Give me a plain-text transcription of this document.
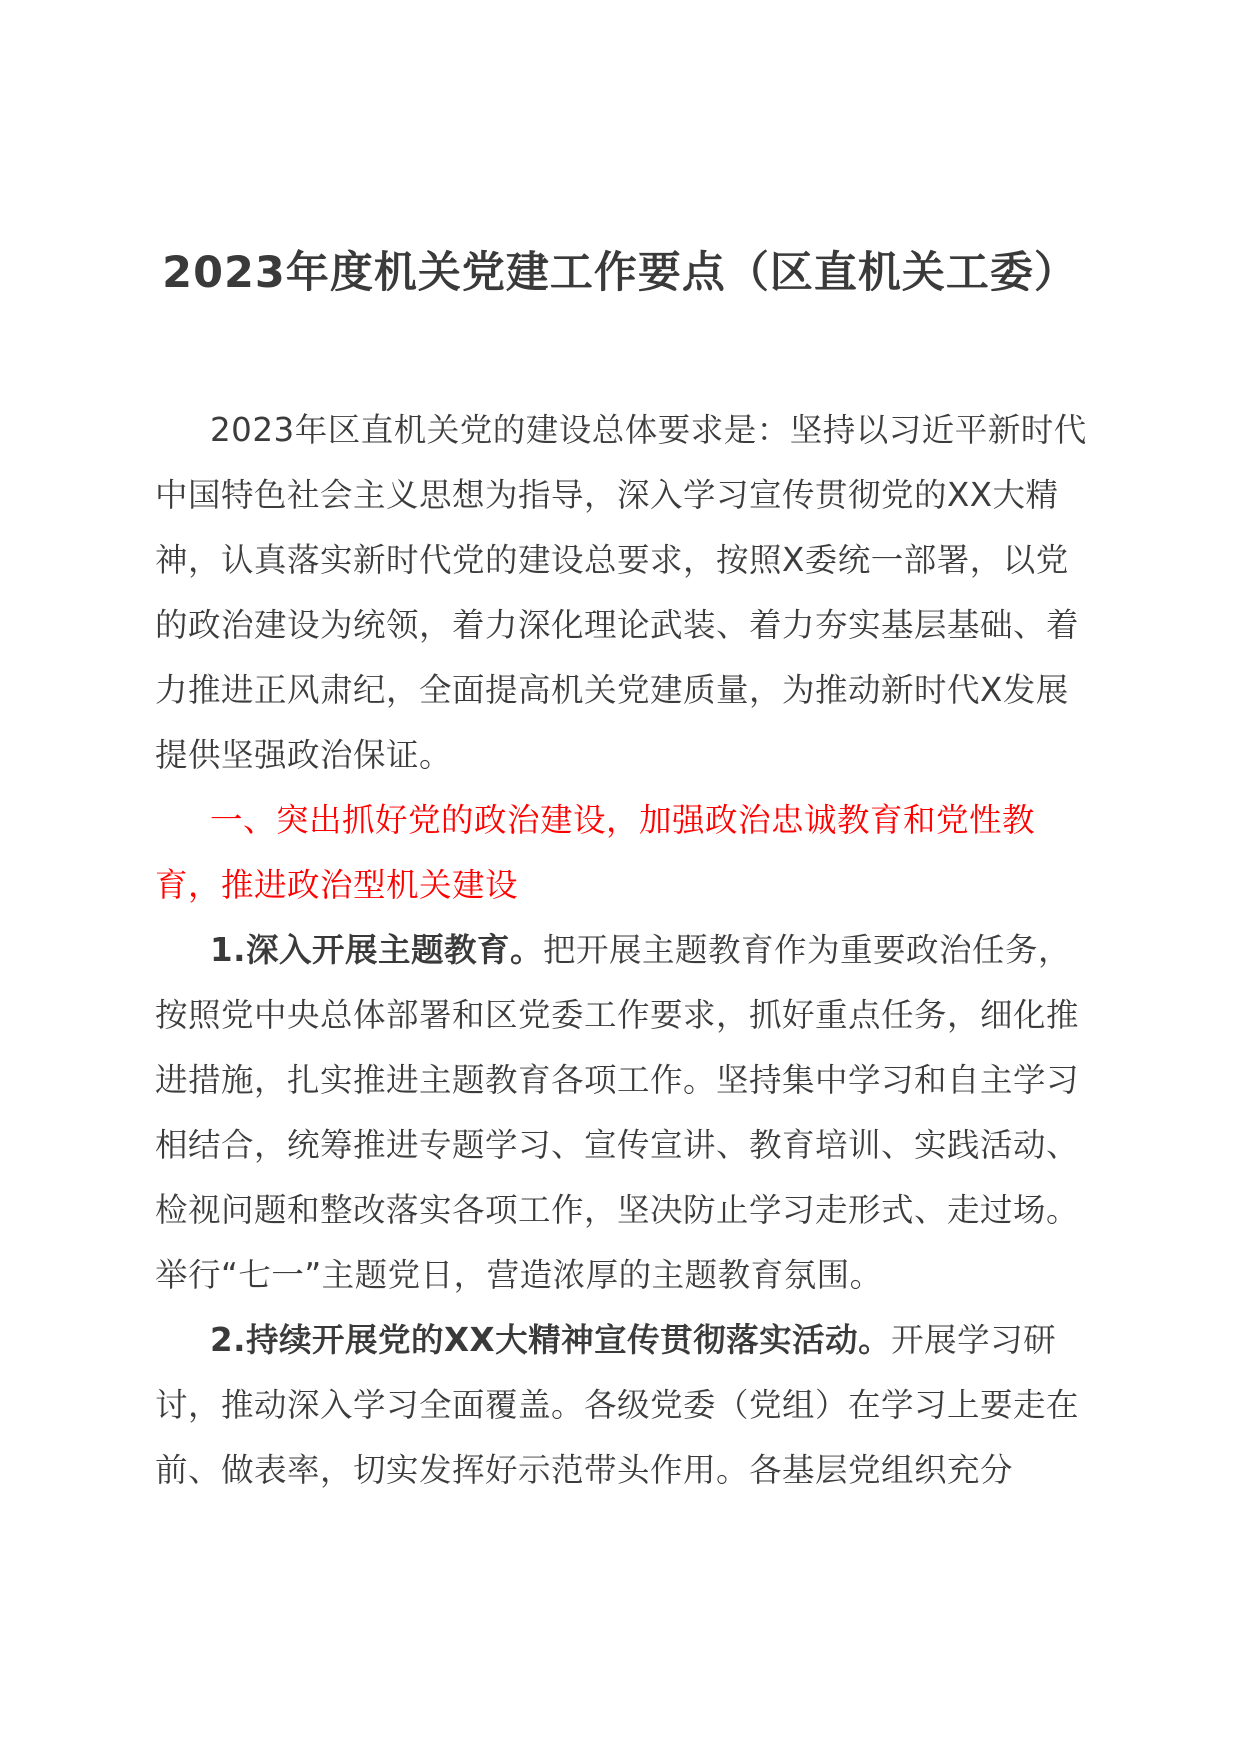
2023年度机关党建工作要点（区直机关工委）

2023年区直机关党的建设总体要求是：坚持以习近平新时代中国特色社会主义思想为指导，深入学习宣传贯彻党的XX大精神，认真落实新时代党的建设总要求，按照X委统一部署，以党的政治建设为统领，着力深化理论武装、着力夯实基层基础、着力推进正风肃纪，全面提高机关党建质量，为推动新时代X发展提供坚强政治保证。

一、突出抓好党的政治建设，加强政治忠诚教育和党性教育，推进政治型机关建设

1.深入开展主题教育。把开展主题教育作为重要政治任务，按照党中央总体部署和区党委工作要求，抓好重点任务，细化推进措施，扎实推进主题教育各项工作。坚持集中学习和自主学习相结合，统筹推进专题学习、宣传宣讲、教育培训、实践活动、检视问题和整改落实各项工作，坚决防止学习走形式、走过场。举行“七一”主题党日，营造浓厚的主题教育氛围。

2.持续开展党的XX大精神宣传贯彻落实活动。开展学习研讨，推动深入学习全面覆盖。各级党委（党组）在学习上要走在前、做表率，切实发挥好示范带头作用。各基层党组织充分
